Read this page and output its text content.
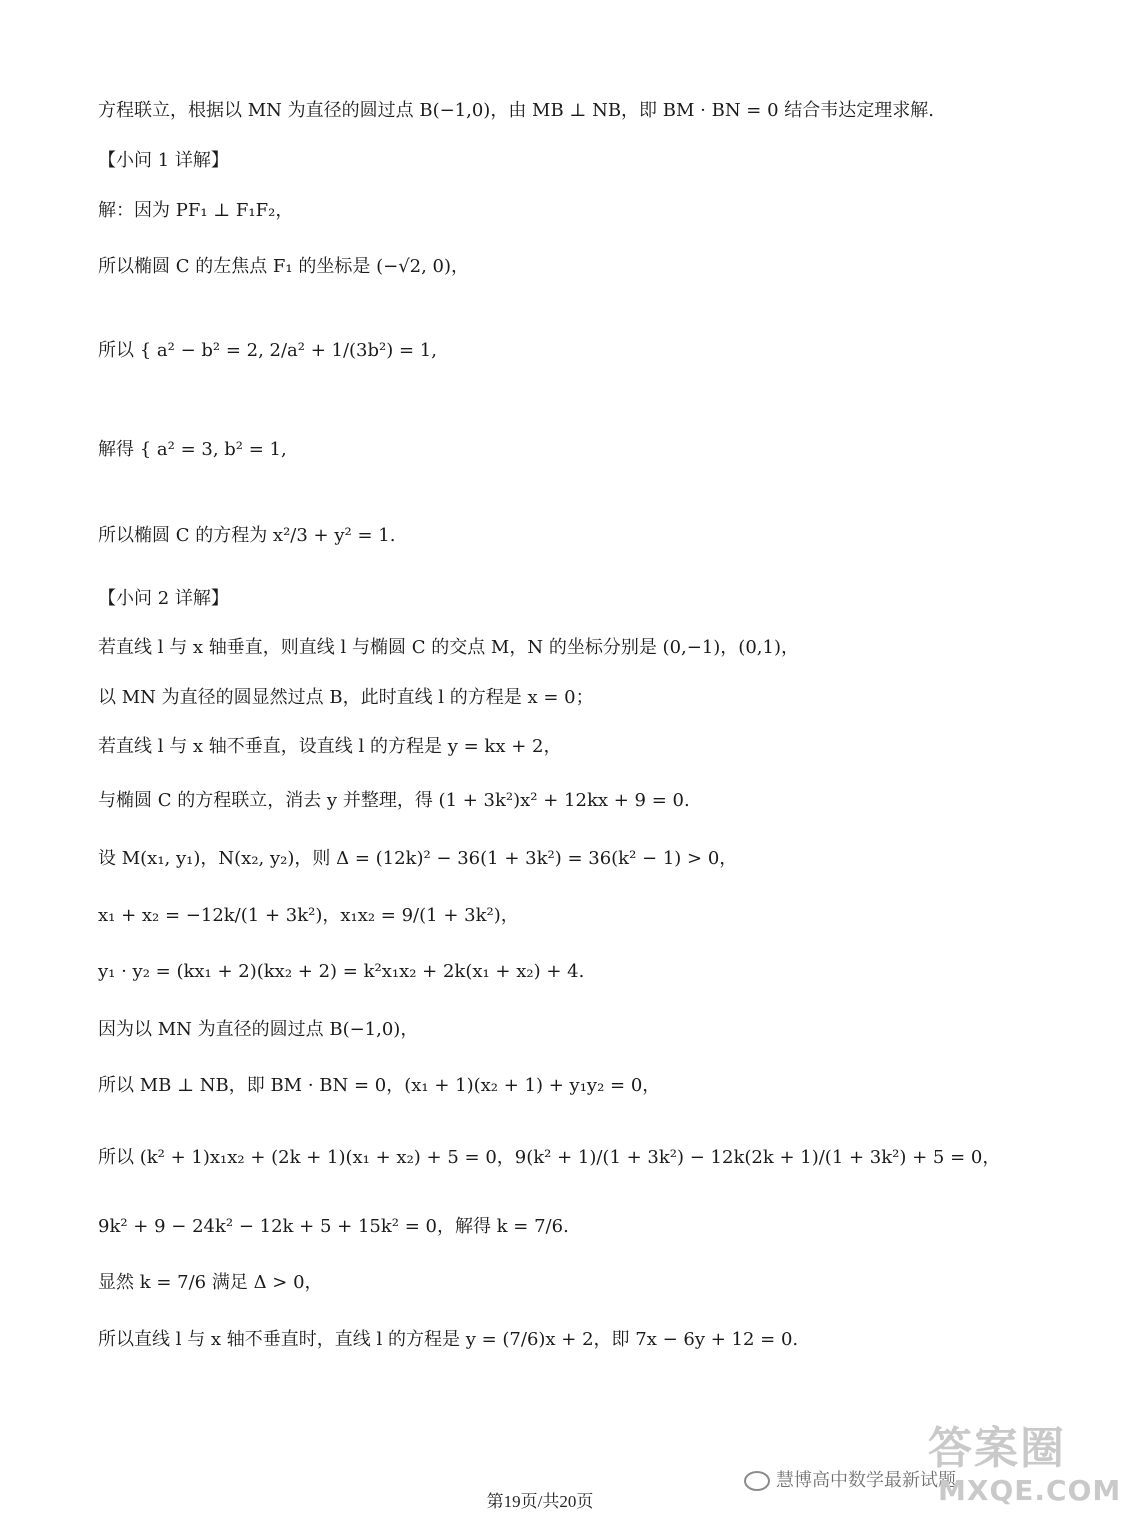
方程联立，根据以 MN 为直径的圆过点 B(−1,0)，由 MB ⊥ NB，即 BM · BN = 0 结合韦达定理求解.
【小问 1 详解】
解：因为 PF₁ ⊥ F₁F₂，
所以椭圆 C 的左焦点 F₁ 的坐标是 (−√2, 0)，
所以 { a² − b² = 2, 2/a² + 1/(3b²) = 1,
解得 { a² = 3, b² = 1,
所以椭圆 C 的方程为 x²/3 + y² = 1.
【小问 2 详解】
若直线 l 与 x 轴垂直，则直线 l 与椭圆 C 的交点 M，N 的坐标分别是 (0,−1)，(0,1)，
以 MN 为直径的圆显然过点 B，此时直线 l 的方程是 x = 0；
若直线 l 与 x 轴不垂直，设直线 l 的方程是 y = kx + 2，
与椭圆 C 的方程联立，消去 y 并整理，得 (1 + 3k²)x² + 12kx + 9 = 0.
设 M(x₁, y₁)，N(x₂, y₂)，则 Δ = (12k)² − 36(1 + 3k²) = 36(k² − 1) > 0，
x₁ + x₂ = −12k/(1 + 3k²)，x₁x₂ = 9/(1 + 3k²)，
y₁ · y₂ = (kx₁ + 2)(kx₂ + 2) = k²x₁x₂ + 2k(x₁ + x₂) + 4.
因为以 MN 为直径的圆过点 B(−1,0)，
所以 MB ⊥ NB，即 BM · BN = 0，(x₁ + 1)(x₂ + 1) + y₁y₂ = 0，
所以 (k² + 1)x₁x₂ + (2k + 1)(x₁ + x₂) + 5 = 0，9(k² + 1)/(1 + 3k²) − 12k(2k + 1)/(1 + 3k²) + 5 = 0，
9k² + 9 − 24k² − 12k + 5 + 15k² = 0，解得 k = 7/6.
显然 k = 7/6 满足 Δ > 0，
所以直线 l 与 x 轴不垂直时，直线 l 的方程是 y = (7/6)x + 2，即 7x − 6y + 12 = 0.
第19页/共20页
慧博高中数学最新试题
答案圈
MXQE.COM
